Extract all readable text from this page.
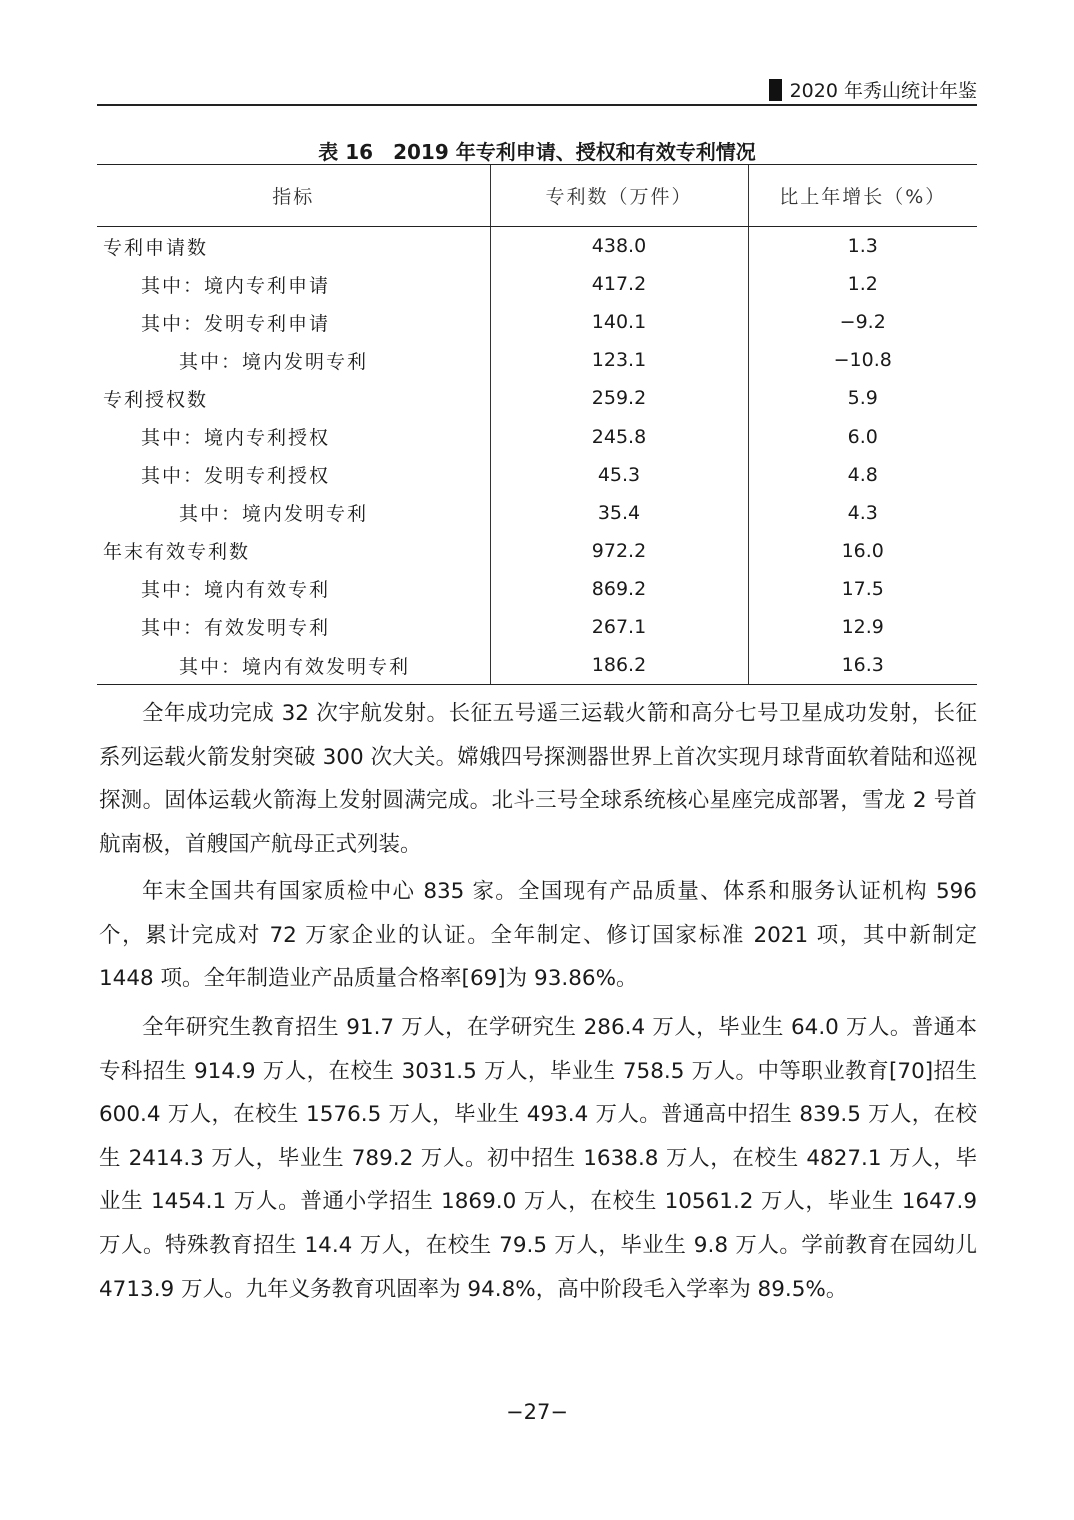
2020 年秀山统计年鉴
表 16　2019 年专利申请、授权和有效专利情况
指标	专利数（万件）	比上年增长（%）
专利申请数	438.0	1.3
其中：境内专利申请	417.2	1.2
其中：发明专利申请	140.1	−9.2
其中：境内发明专利	123.1	−10.8
专利授权数	259.2	5.9
其中：境内专利授权	245.8	6.0
其中：发明专利授权	45.3	4.8
其中：境内发明专利	35.4	4.3
年末有效专利数	972.2	16.0
其中：境内有效专利	869.2	17.5
其中：有效发明专利	267.1	12.9
其中：境内有效发明专利	186.2	16.3

全年成功完成 32 次宇航发射。长征五号遥三运载火箭和高分七号卫星成功发射，长征系列运载火箭发射突破 300 次大关。嫦娥四号探测器世界上首次实现月球背面软着陆和巡视探测。固体运载火箭海上发射圆满完成。北斗三号全球系统核心星座完成部署，雪龙 2 号首航南极，首艘国产航母正式列装。

年末全国共有国家质检中心 835 家。全国现有产品质量、体系和服务认证机构 596 个，累计完成对 72 万家企业的认证。全年制定、修订国家标准 2021 项，其中新制定 1448 项。全年制造业产品质量合格率[69]为 93.86%。

全年研究生教育招生 91.7 万人，在学研究生 286.4 万人，毕业生 64.0 万人。普通本专科招生 914.9 万人，在校生 3031.5 万人，毕业生 758.5 万人。中等职业教育[70]招生 600.4 万人，在校生 1576.5 万人，毕业生 493.4 万人。普通高中招生 839.5 万人，在校生 2414.3 万人，毕业生 789.2 万人。初中招生 1638.8 万人，在校生 4827.1 万人，毕业生 1454.1 万人。普通小学招生 1869.0 万人，在校生 10561.2 万人，毕业生 1647.9 万人。特殊教育招生 14.4 万人，在校生 79.5 万人，毕业生 9.8 万人。学前教育在园幼儿 4713.9 万人。九年义务教育巩固率为 94.8%，高中阶段毛入学率为 89.5%。

−27−
